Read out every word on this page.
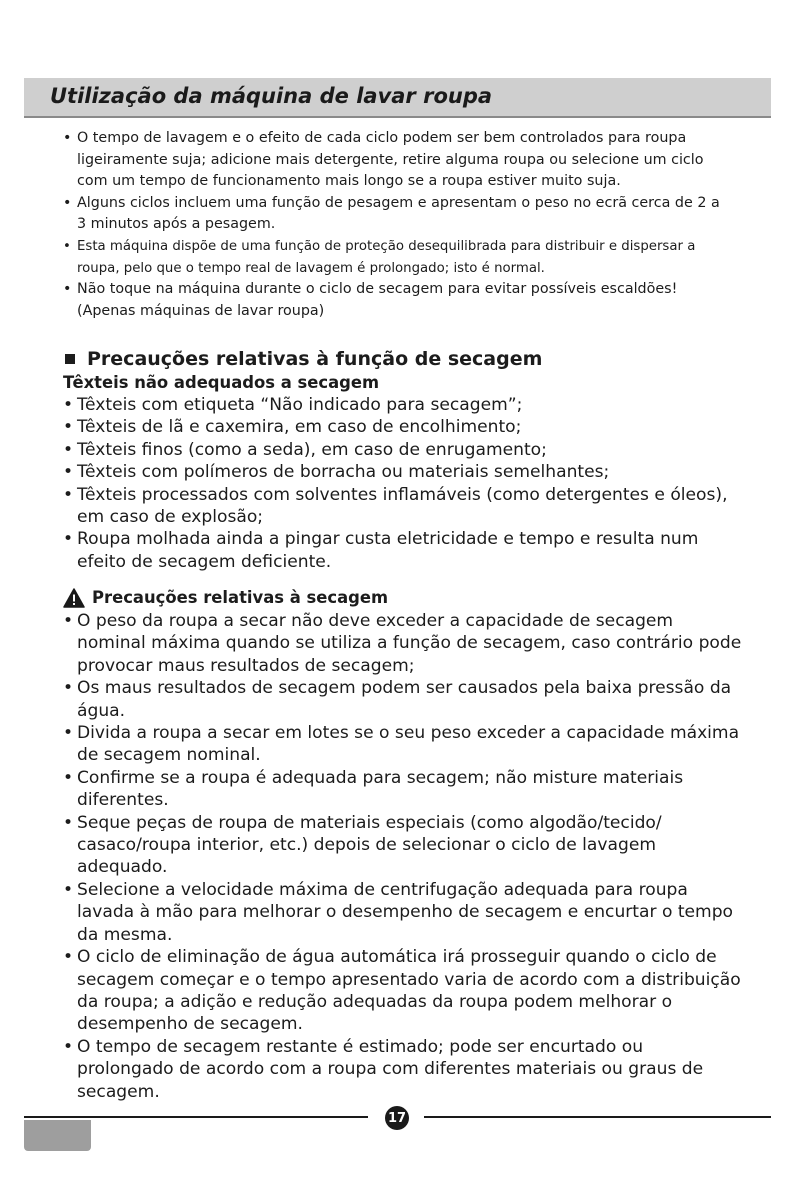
Utilização da máquina de lavar roupa
• O tempo de lavagem e o efeito de cada ciclo podem ser bem controlados para roupa ligeiramente suja; adicione mais detergente, retire alguma roupa ou selecione um ciclo com um tempo de funcionamento mais longo se a roupa estiver muito suja.
• Alguns ciclos incluem uma função de pesagem e apresentam o peso no ecrã cerca de 2 a 3 minutos após a pesagem.
• Esta máquina dispõe de uma função de proteção desequilibrada para distribuir e dispersar a roupa, pelo que o tempo real de lavagem é prolongado; isto é normal.
• Não toque na máquina durante o ciclo de secagem para evitar possíveis escaldões! (Apenas máquinas de lavar roupa)
Precauções relativas à função de secagem
Têxteis não adequados a secagem
• Têxteis com etiqueta “Não indicado para secagem”;
• Têxteis de lã e caxemira, em caso de encolhimento;
• Têxteis finos (como a seda), em caso de enrugamento;
• Têxteis com polímeros de borracha ou materiais semelhantes;
• Têxteis processados com solventes inflamáveis (como detergentes e óleos), em caso de explosão;
• Roupa molhada ainda a pingar custa eletricidade e tempo e resulta num efeito de secagem deficiente.
Precauções relativas à secagem
• O peso da roupa a secar não deve exceder a capacidade de secagem nominal máxima quando se utiliza a função de secagem, caso contrário pode provocar maus resultados de secagem;
• Os maus resultados de secagem podem ser causados pela baixa pressão da água.
• Divida a roupa a secar em lotes se o seu peso exceder a capacidade máxima de secagem nominal.
• Confirme se a roupa é adequada para secagem; não misture materiais diferentes.
• Seque peças de roupa de materiais especiais (como algodão/tecido/ casaco/roupa interior, etc.) depois de selecionar o ciclo de lavagem adequado.
• Selecione a velocidade máxima de centrifugação adequada para roupa lavada à mão para melhorar o desempenho de secagem e encurtar o tempo da mesma.
• O ciclo de eliminação de água automática irá prosseguir quando o ciclo de secagem começar e o tempo apresentado varia de acordo com a distribuição da roupa; a adição e redução adequadas da roupa podem melhorar o desempenho de secagem.
• O tempo de secagem restante é estimado; pode ser encurtado ou prolongado de acordo com a roupa com diferentes materiais ou graus de secagem.
17
